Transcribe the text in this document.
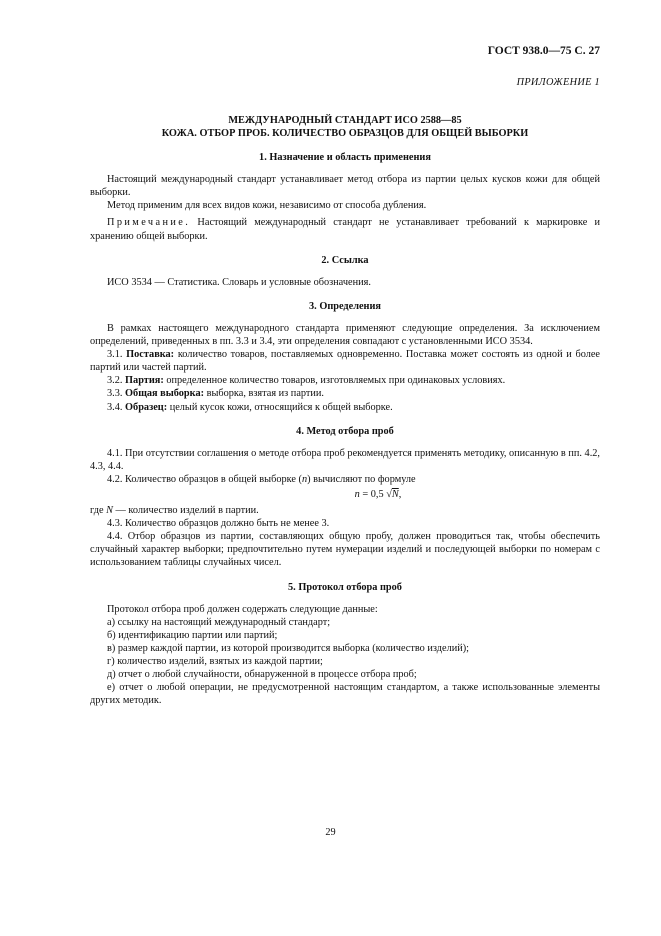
ГОСТ 938.0—75 С. 27
ПРИЛОЖЕНИЕ 1
МЕЖДУНАРОДНЫЙ СТАНДАРТ ИСО 2588—85
КОЖА. ОТБОР ПРОБ. КОЛИЧЕСТВО ОБРАЗЦОВ ДЛЯ ОБЩЕЙ ВЫБОРКИ
1. Назначение и область применения

Настоящий международный стандарт устанавливает метод отбора из партии целых кусков кожи для общей выборки.

Метод применим для всех видов кожи, независимо от способа дубления.

Примечание. Настоящий международный стандарт не устанавливает требований к маркировке и хранению общей выборки.

2. Ссылка

ИСО 3534 — Статистика. Словарь и условные обозначения.

3. Определения

В рамках настоящего международного стандарта применяют следующие определения. За исключением определений, приведенных в пп. 3.3 и 3.4, эти определения совпадают с установленными ИСО 3534.

3.1. Поставка: количество товаров, поставляемых одновременно. Поставка может состоять из одной и более партий или частей партий.

3.2. Партия: определенное количество товаров, изготовляемых при одинаковых условиях.

3.3. Общая выборка: выборка, взятая из партии.

3.4. Образец: целый кусок кожи, относящийся к общей выборке.

4. Метод отбора проб

4.1. При отсутствии соглашения о методе отбора проб рекомендуется применять методику, описанную в пп. 4.2, 4.3, 4.4.

4.2. Количество образцов в общей выборке (n) вычисляют по формуле

n = 0,5 √N,

где N — количество изделий в партии.

4.3. Количество образцов должно быть не менее 3.

4.4. Отбор образцов из партии, составляющих общую пробу, должен проводиться так, чтобы обеспечить случайный характер выборки; предпочтительно путем нумерации изделий и последующей выборки по номерам с использованием таблицы случайных чисел.

5. Протокол отбора проб

Протокол отбора проб должен содержать следующие данные:

а) ссылку на настоящий международный стандарт;

б) идентификацию партии или партий;

в) размер каждой партии, из которой производится выборка (количество изделий);

г) количество изделий, взятых из каждой партии;

д) отчет о любой случайности, обнаруженной в процессе отбора проб;

е) отчет о любой операции, не предусмотренной настоящим стандартом, а также использованные элементы других методик.

29
